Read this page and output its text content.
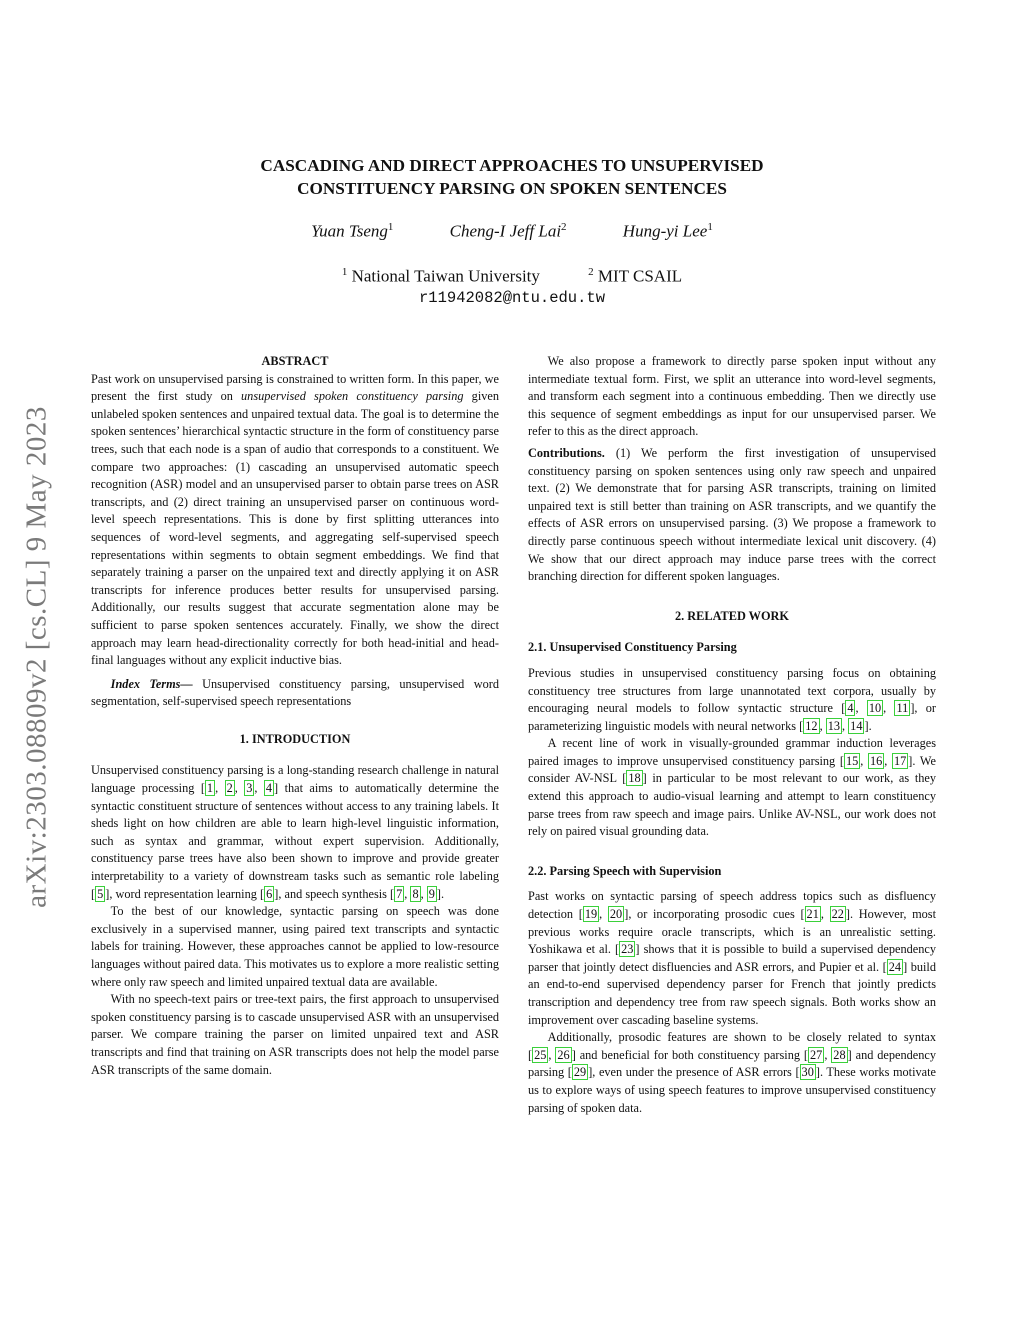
CASCADING AND DIRECT APPROACHES TO UNSUPERVISED
CONSTITUENCY PARSING ON SPOKEN SENTENCES
Yuan Tseng$^1$	Cheng-I Jeff Lai$^2$	Hung-yi Lee$^1$
$^1$ National Taiwan University	$^2$ MIT CSAIL
r11942082@ntu.edu.tw
arXiv:2303.08809v2 [cs.CL] 9 May 2023
ABSTRACT

Past work on unsupervised parsing is constrained to written form. In this paper, we present the first study on unsupervised spoken constituency parsing given unlabeled spoken sentences and unpaired textual data. The goal is to determine the spoken sentences’ hierarchical syntactic structure in the form of constituency parse trees, such that each node is a span of audio that corresponds to a constituent. We compare two approaches: (1) cascading an unsupervised automatic speech recognition (ASR) model and an unsupervised parser to obtain parse trees on ASR transcripts, and (2) direct training an unsupervised parser on continuous word-level speech representations. This is done by first splitting utterances into sequences of word-level segments, and aggregating self-supervised speech representations within segments to obtain segment embeddings. We find that separately training a parser on the unpaired text and directly applying it on ASR transcripts for inference produces better results for unsupervised parsing. Additionally, our results suggest that accurate segmentation alone may be sufficient to parse spoken sentences accurately. Finally, we show the direct approach may learn head-directionality correctly for both head-initial and head-final languages without any explicit inductive bias.

Index Terms— Unsupervised constituency parsing, unsupervised word segmentation, self-supervised speech representations

1. INTRODUCTION

Unsupervised constituency parsing is a long-standing research challenge in natural language processing [ 1 , 2 , 3 , 4 ] that aims to automatically determine the syntactic constituent structure of sentences without access to any training labels. It sheds light on how children are able to learn high-level linguistic information, such as syntax and grammar, without expert supervision. Additionally, constituency parse trees have also been shown to improve and provide greater interpretability to a variety of downstream tasks such as semantic role labeling [ 5 ], word representation learning [ 6 ], and speech synthesis [ 7 , 8 , 9 ].

To the best of our knowledge, syntactic parsing on speech was done exclusively in a supervised manner, using paired text transcripts and syntactic labels for training. However, these approaches cannot be applied to low-resource languages without paired data. This motivates us to explore a more realistic setting where only raw speech and limited unpaired textual data are available.

With no speech-text pairs or tree-text pairs, the first approach to unsupervised spoken constituency parsing is to cascade unsupervised ASR with an unsupervised parser. We compare training the parser on limited unpaired text and ASR transcripts and find that training on ASR transcripts does not help the model parse ASR transcripts of the same domain.

We also propose a framework to directly parse spoken input without any intermediate textual form. First, we split an utterance into word-level segments, and transform each segment into a continuous embedding. Then we directly use this sequence of segment embeddings as input for our unsupervised parser. We refer to this as the direct approach.

Contributions. (1) We perform the first investigation of unsupervised constituency parsing on spoken sentences using only raw speech and unpaired text. (2) We demonstrate that for parsing ASR transcripts, training on limited unpaired text is still better than training on ASR transcripts, and we quantify the effects of ASR errors on unsupervised parsing. (3) We propose a framework to directly parse continuous speech without intermediate lexical unit discovery. (4) We show that our direct approach may induce parse trees with the correct branching direction for different spoken languages.

2. RELATED WORK
2.1. Unsupervised Constituency Parsing

Previous studies in unsupervised constituency parsing focus on obtaining constituency tree structures from large unannotated text corpora, usually by encouraging neural models to follow syntactic structure [ 4 , 10 , 11 ], or parameterizing linguistic models with neural networks [ 12 , 13 , 14 ].

A recent line of work in visually-grounded grammar induction leverages paired images to improve unsupervised constituency parsing [ 15 , 16 , 17 ]. We consider AV-NSL [ 18 ] in particular to be most relevant to our work, as they extend this approach to audio-visual learning and attempt to learn constituency parse trees from raw speech and image pairs. Unlike AV-NSL, our work does not rely on paired visual grounding data.

2.2. Parsing Speech with Supervision

Past works on syntactic parsing of speech address topics such as disfluency detection [ 19 , 20 ], or incorporating prosodic cues [ 21 , 22 ]. However, most previous works require oracle transcripts, which is an unrealistic setting. Yoshikawa et al. [ 23 ] shows that it is possible to build a supervised dependency parser that jointly detect disfluencies and ASR errors, and Pupier et al. [ 24 ] build an end-to-end supervised dependency parser for French that jointly predicts transcription and dependency tree from raw speech signals. Both works show an improvement over cascading baseline systems.

Additionally, prosodic features are shown to be closely related to syntax [ 25 , 26 ] and beneficial for both constituency parsing [ 27 , 28 ] and dependency parsing [ 29 ], even under the presence of ASR errors [ 30 ]. These works motivate us to explore ways of using speech features to improve unsupervised constituency parsing of spoken data.
